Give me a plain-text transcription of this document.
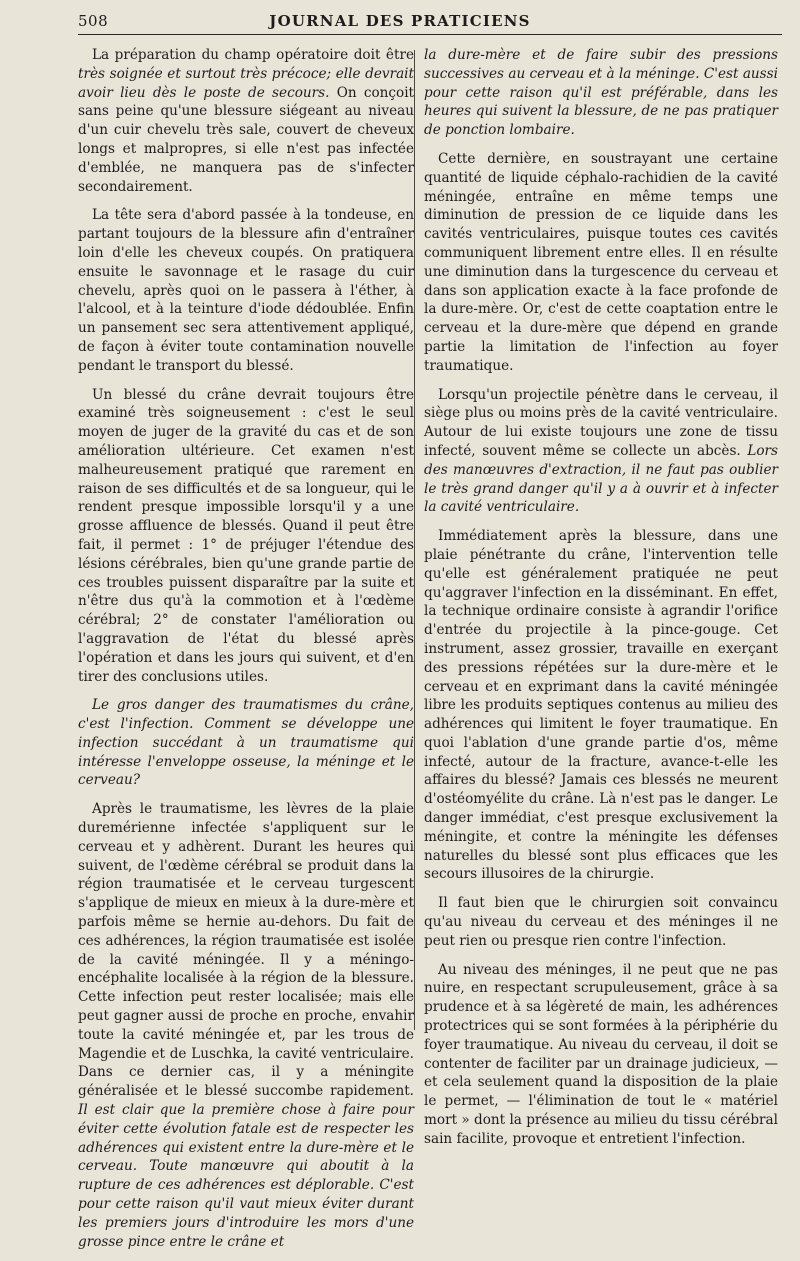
508	JOURNAL DES PRATICIENS

La préparation du champ opératoire doit être très soignée et surtout très précoce; elle devrait avoir lieu dès le poste de secours. On conçoit sans peine qu'une blessure siégeant au niveau d'un cuir chevelu très sale, couvert de cheveux longs et malpropres, si elle n'est pas infectée d'emblée, ne manquera pas de s'infecter secondairement.

La tête sera d'abord passée à la tondeuse, en partant toujours de la blessure afin d'entraîner loin d'elle les cheveux coupés. On pratiquera ensuite le savonnage et le rasage du cuir chevelu, après quoi on le passera à l'éther, à l'alcool, et à la teinture d'iode dédoublée. Enfin un pansement sec sera attentivement appliqué, de façon à éviter toute contamination nouvelle pendant le transport du blessé.

Un blessé du crâne devrait toujours être examiné très soigneusement : c'est le seul moyen de juger de la gravité du cas et de son amélioration ultérieure. Cet examen n'est malheureusement pratiqué que rarement en raison de ses difficultés et de sa longueur, qui le rendent presque impossible lorsqu'il y a une grosse affluence de blessés. Quand il peut être fait, il permet : 1° de préjuger l'étendue des lésions cérébrales, bien qu'une grande partie de ces troubles puissent disparaître par la suite et n'être dus qu'à la commotion et à l'œdème cérébral; 2° de constater l'amélioration ou l'aggravation de l'état du blessé après l'opération et dans les jours qui suivent, et d'en tirer des conclusions utiles.

Le gros danger des traumatismes du crâne, c'est l'infection. Comment se développe une infection succédant à un traumatisme qui intéresse l'enveloppe osseuse, la méninge et le cerveau?

Après le traumatisme, les lèvres de la plaie duremérienne infectée s'appliquent sur le cerveau et y adhèrent. Durant les heures qui suivent, de l'œdème cérébral se produit dans la région traumatisée et le cerveau turgescent s'applique de mieux en mieux à la dure-mère et parfois même se hernie au-dehors. Du fait de ces adhérences, la région traumatisée est isolée de la cavité méningée. Il y a méningo-encéphalite localisée à la région de la blessure. Cette infection peut rester localisée; mais elle peut gagner aussi de proche en proche, envahir toute la cavité méningée et, par les trous de Magendie et de Luschka, la cavité ventriculaire. Dans ce dernier cas, il y a méningite généralisée et le blessé succombe rapidement. Il est clair que la première chose à faire pour éviter cette évolution fatale est de respecter les adhérences qui existent entre la dure-mère et le cerveau. Toute manœuvre qui aboutit à la rupture de ces adhérences est déplorable. C'est pour cette raison qu'il vaut mieux éviter durant les premiers jours d'introduire les mors d'une grosse pince entre le crâne et

la dure-mère et de faire subir des pressions successives au cerveau et à la méninge. C'est aussi pour cette raison qu'il est préférable, dans les heures qui suivent la blessure, de ne pas pratiquer de ponction lombaire.

Cette dernière, en soustrayant une certaine quantité de liquide céphalo-rachidien de la cavité méningée, entraîne en même temps une diminution de pression de ce liquide dans les cavités ventriculaires, puisque toutes ces cavités communiquent librement entre elles. Il en résulte une diminution dans la turgescence du cerveau et dans son application exacte à la face profonde de la dure-mère. Or, c'est de cette coaptation entre le cerveau et la dure-mère que dépend en grande partie la limitation de l'infection au foyer traumatique.

Lorsqu'un projectile pénètre dans le cerveau, il siège plus ou moins près de la cavité ventriculaire. Autour de lui existe toujours une zone de tissu infecté, souvent même se collecte un abcès. Lors des manœuvres d'extraction, il ne faut pas oublier le très grand danger qu'il y a à ouvrir et à infecter la cavité ventriculaire.

Immédiatement après la blessure, dans une plaie pénétrante du crâne, l'intervention telle qu'elle est généralement pratiquée ne peut qu'aggraver l'infection en la disséminant. En effet, la technique ordinaire consiste à agrandir l'orifice d'entrée du projectile à la pince-gouge. Cet instrument, assez grossier, travaille en exerçant des pressions répétées sur la dure-mère et le cerveau et en exprimant dans la cavité méningée libre les produits septiques contenus au milieu des adhérences qui limitent le foyer traumatique. En quoi l'ablation d'une grande partie d'os, même infecté, autour de la fracture, avance-t-elle les affaires du blessé? Jamais ces blessés ne meurent d'ostéomyélite du crâne. Là n'est pas le danger. Le danger immédiat, c'est presque exclusivement la méningite, et contre la méningite les défenses naturelles du blessé sont plus efficaces que les secours illusoires de la chirurgie.

Il faut bien que le chirurgien soit convaincu qu'au niveau du cerveau et des méninges il ne peut rien ou presque rien contre l'infection.

Au niveau des méninges, il ne peut que ne pas nuire, en respectant scrupuleusement, grâce à sa prudence et à sa légèreté de main, les adhérences protectrices qui se sont formées à la périphérie du foyer traumatique. Au niveau du cerveau, il doit se contenter de faciliter par un drainage judicieux, — et cela seulement quand la disposition de la plaie le permet, — l'élimination de tout le « matériel mort » dont la présence au milieu du tissu cérébral sain facilite, provoque et entretient l'infection.
